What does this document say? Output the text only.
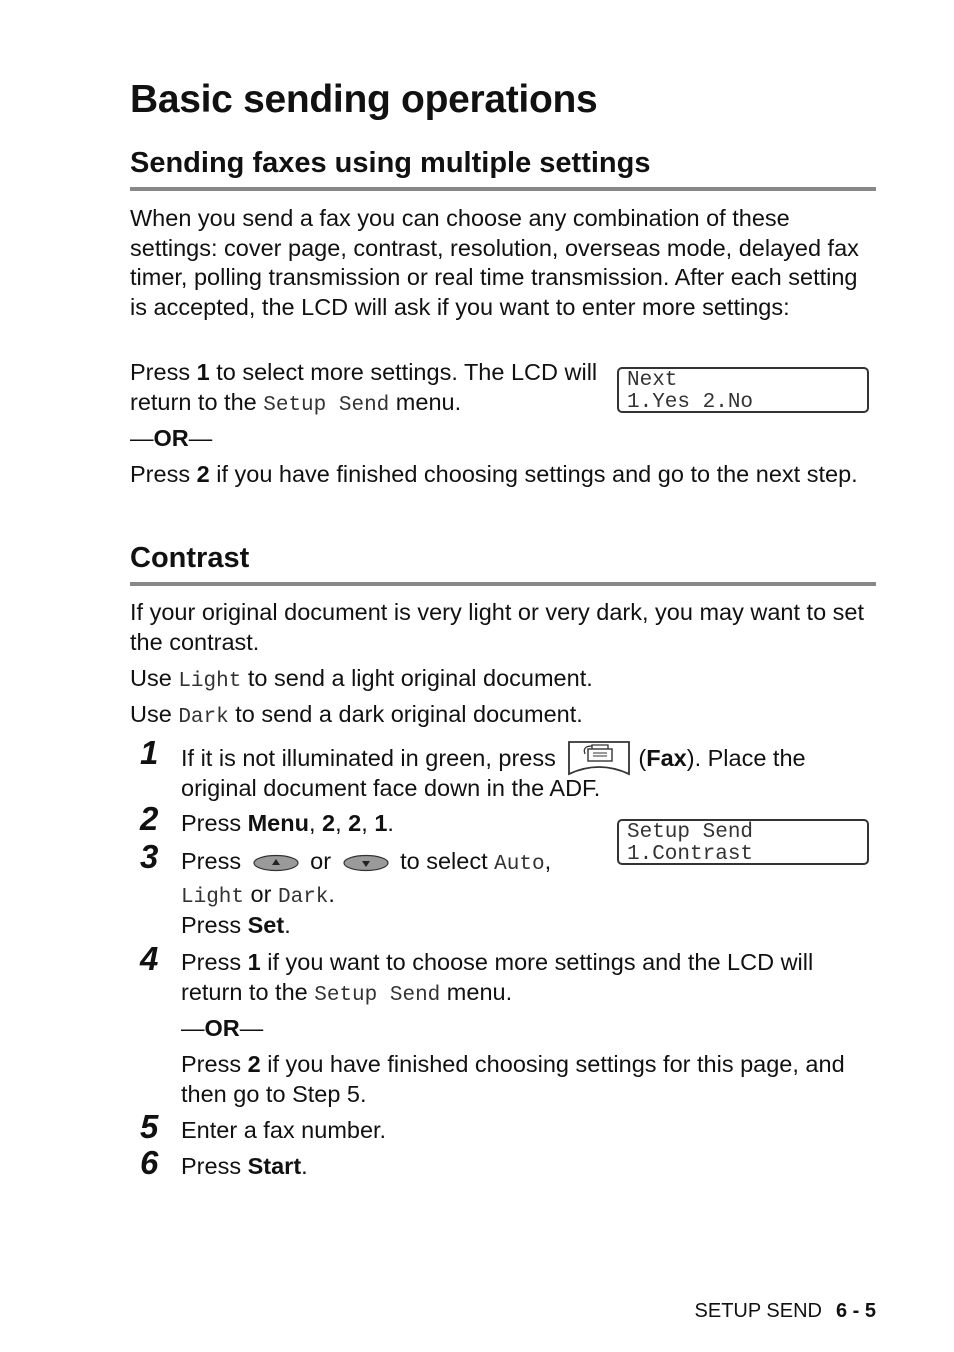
Basic sending operations
Sending faxes using multiple settings

When you send a fax you can choose any combination of these settings: cover page, contrast, resolution, overseas mode, delayed fax timer, polling transmission or real time transmission. After each setting is accepted, the LCD will ask if you want to enter more settings:

Press 1 to select more settings. The LCD will return to the Setup Send menu.

Next
1.Yes 2.No

—OR—

Press 2 if you have finished choosing settings and go to the next step.

Contrast

If your original document is very light or very dark, you may want to set the contrast.

Use Light to send a light original document.

Use Dark to send a dark original document.

1 If it is not illuminated in green, press	(Fax). Place the original document face down in the ADF.

2 Press Menu, 2, 2, 1.	Setup Send
1.Contrast
3 Press  or  to select Auto,
Light or Dark.

Press Set.

4 Press 1 if you want to choose more settings and the LCD will return to the Setup Send menu.

—OR—

Press 2 if you have finished choosing settings for this page, and then go to Step 5.

5 Enter a fax number.

6 Press Start.

SETUP SEND 6 - 5
